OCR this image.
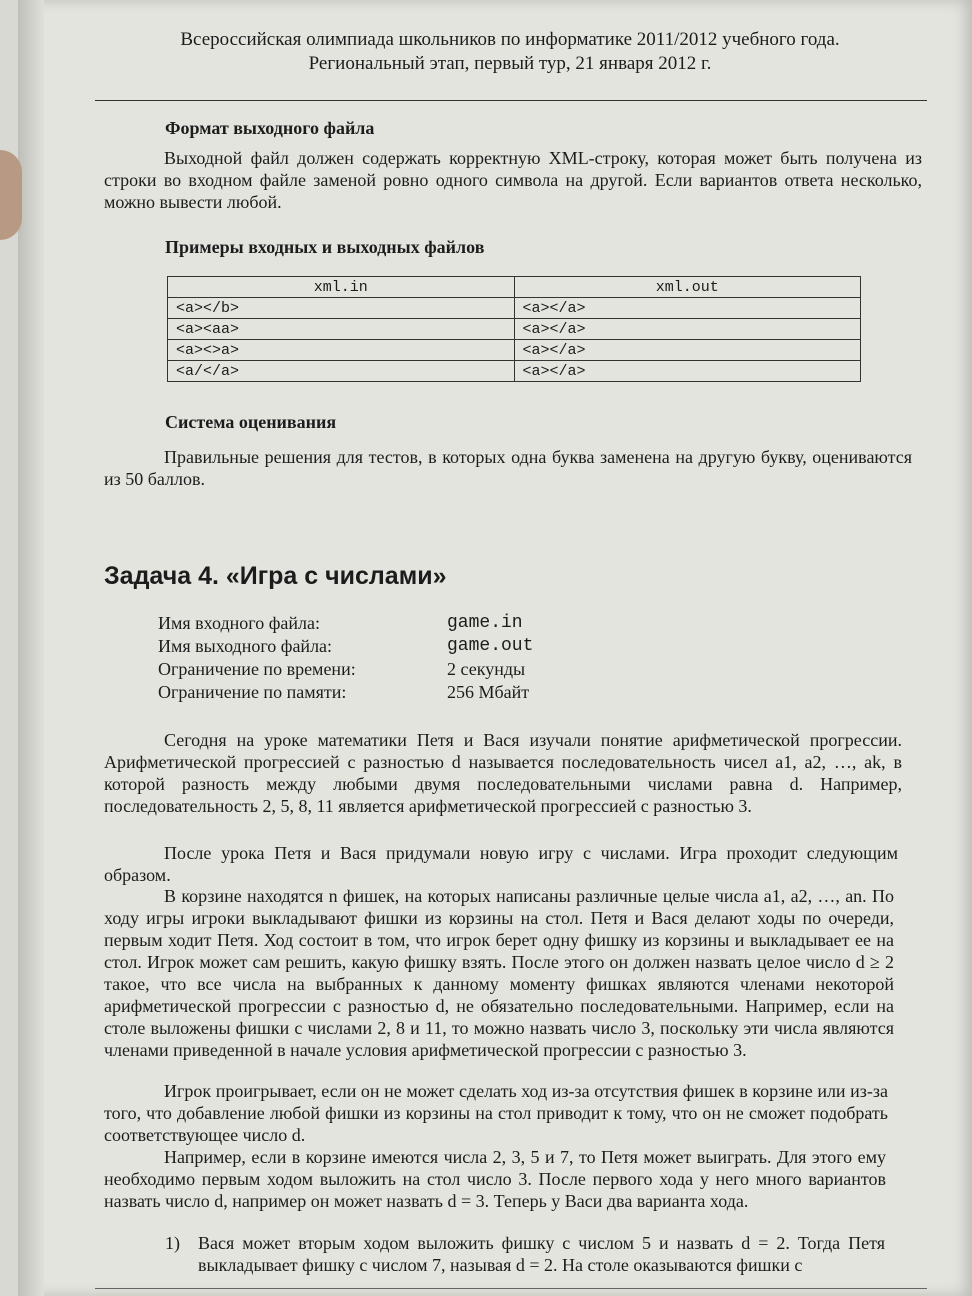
Всероссийская олимпиада школьников по информатике 2011/2012 учебного года.
Региональный этап, первый тур, 21 января 2012 г.
Формат выходного файла

Выходной файл должен содержать корректную XML-строку, которая может быть получена из строки во входном файле заменой ровно одного символа на другой. Если вариантов ответа несколько, можно вывести любой.

Примеры входных и выходных файлов
xml.in	xml.out
<a></b>	<a></a>
<a><aa>	<a></a>
<a><>a>	<a></a>
<a/</a>	<a></a>
Система оценивания

Правильные решения для тестов, в которых одна буква заменена на другую букву, оцениваются из 50 баллов.

Задача 4. «Игра с числами»
Имя входного файла:	game.in
Имя выходного файла:	game.out
Ограничение по времени:	2 секунды
Ограничение по памяти:	256 Мбайт

Сегодня на уроке математики Петя и Вася изучали понятие арифметической прогрессии. Арифметической прогрессией с разностью d называется последовательность чисел a1, a2, …, ak, в которой разность между любыми двумя последовательными числами равна d. Например, последовательность 2, 5, 8, 11 является арифметической прогрессией с разностью 3.

После урока Петя и Вася придумали новую игру с числами. Игра проходит следующим образом.

В корзине находятся n фишек, на которых написаны различные целые числа a1, a2, …, an. По ходу игры игроки выкладывают фишки из корзины на стол. Петя и Вася делают ходы по очереди, первым ходит Петя. Ход состоит в том, что игрок берет одну фишку из корзины и выкладывает ее на стол. Игрок может сам решить, какую фишку взять. После этого он должен назвать целое число d ≥ 2 такое, что все числа на выбранных к данному моменту фишках являются членами некоторой арифметической прогрессии с разностью d, не обязательно последовательными. Например, если на столе выложены фишки с числами 2, 8 и 11, то можно назвать число 3, поскольку эти числа являются членами приведенной в начале условия арифметической прогрессии с разностью 3.

Игрок проигрывает, если он не может сделать ход из-за отсутствия фишек в корзине или из-за того, что добавление любой фишки из корзины на стол приводит к тому, что он не сможет подобрать соответствующее число d.

Например, если в корзине имеются числа 2, 3, 5 и 7, то Петя может выиграть. Для этого ему необходимо первым ходом выложить на стол число 3. После первого хода у него много вариантов назвать число d, например он может назвать d = 3. Теперь у Васи два варианта хода.

1)	Вася может вторым ходом выложить фишку с числом 5 и назвать d = 2. Тогда Петя выкладывает фишку с числом 7, называя d = 2. На столе оказываются фишки с
